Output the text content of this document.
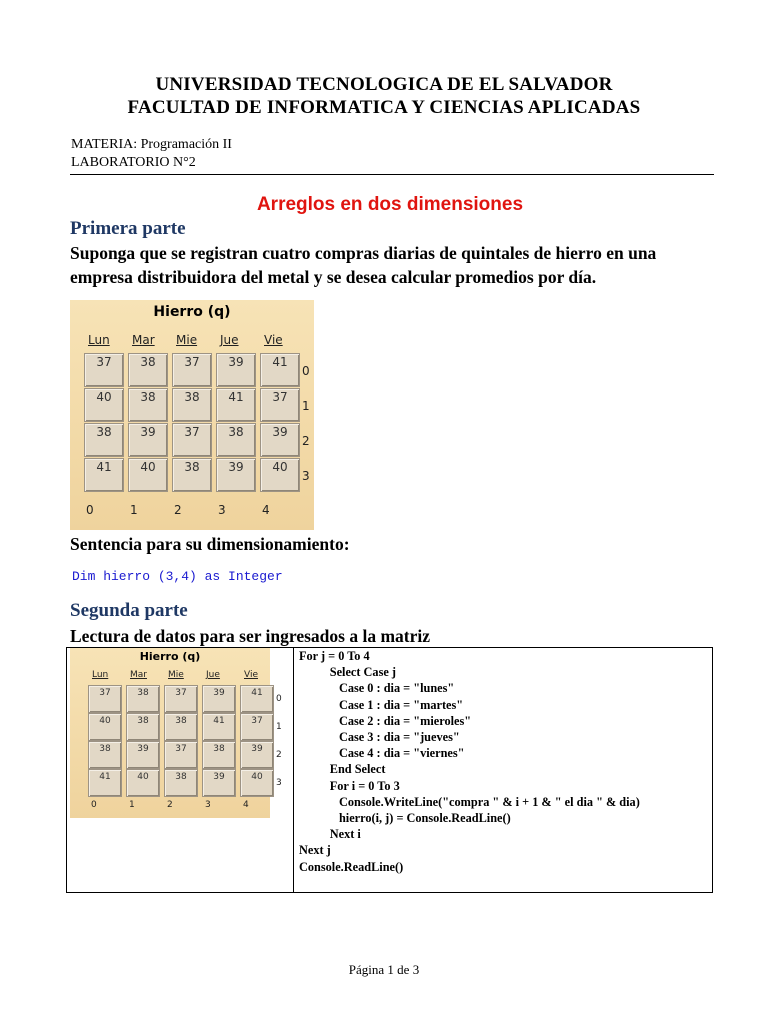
UNIVERSIDAD TECNOLOGICA DE EL SALVADOR
FACULTAD DE INFORMATICA Y CIENCIAS APLICADAS
MATERIA: Programación II
LABORATORIO N°2
Arreglos en dos dimensiones
Primera parte
Suponga que se registran cuatro compras diarias de quintales de hierro en una empresa distribuidora del metal y se desea calcular promedios por día.
Hierro (q)
Lun Mar Mie Jue Vie
37	38	37	39	41
0
40	38	38	41	37
1
38	39	37	38	39
2
41	40	38	39	40
3
0	1	2	3	4
Sentencia para su dimensionamiento:
Dim hierro (3,4) as Integer
Segunda parte
Lectura de datos para ser ingresados a la matriz
Hierro (q)
Lun Mar Mie Jue	Vie
37	38	37	39	41
0
40	38	38	41	37
1
38	39	37	38	39
2
41	40	38	39	40
3
0	1	2	3	4
For j = 0 To 4
Select Case j
Case 0 : dia = "lunes"
Case 1 : dia = "martes"
Case 2 : dia = "mieroles"
Case 3 : dia = "jueves"
Case 4 : dia = "viernes"
End Select
For i = 0 To 3
Console.WriteLine("compra " & i + 1 & " el dia " & dia)
hierro(i, j) = Console.ReadLine()
Next i
Next j
Console.ReadLine()
Página 1 de 3
